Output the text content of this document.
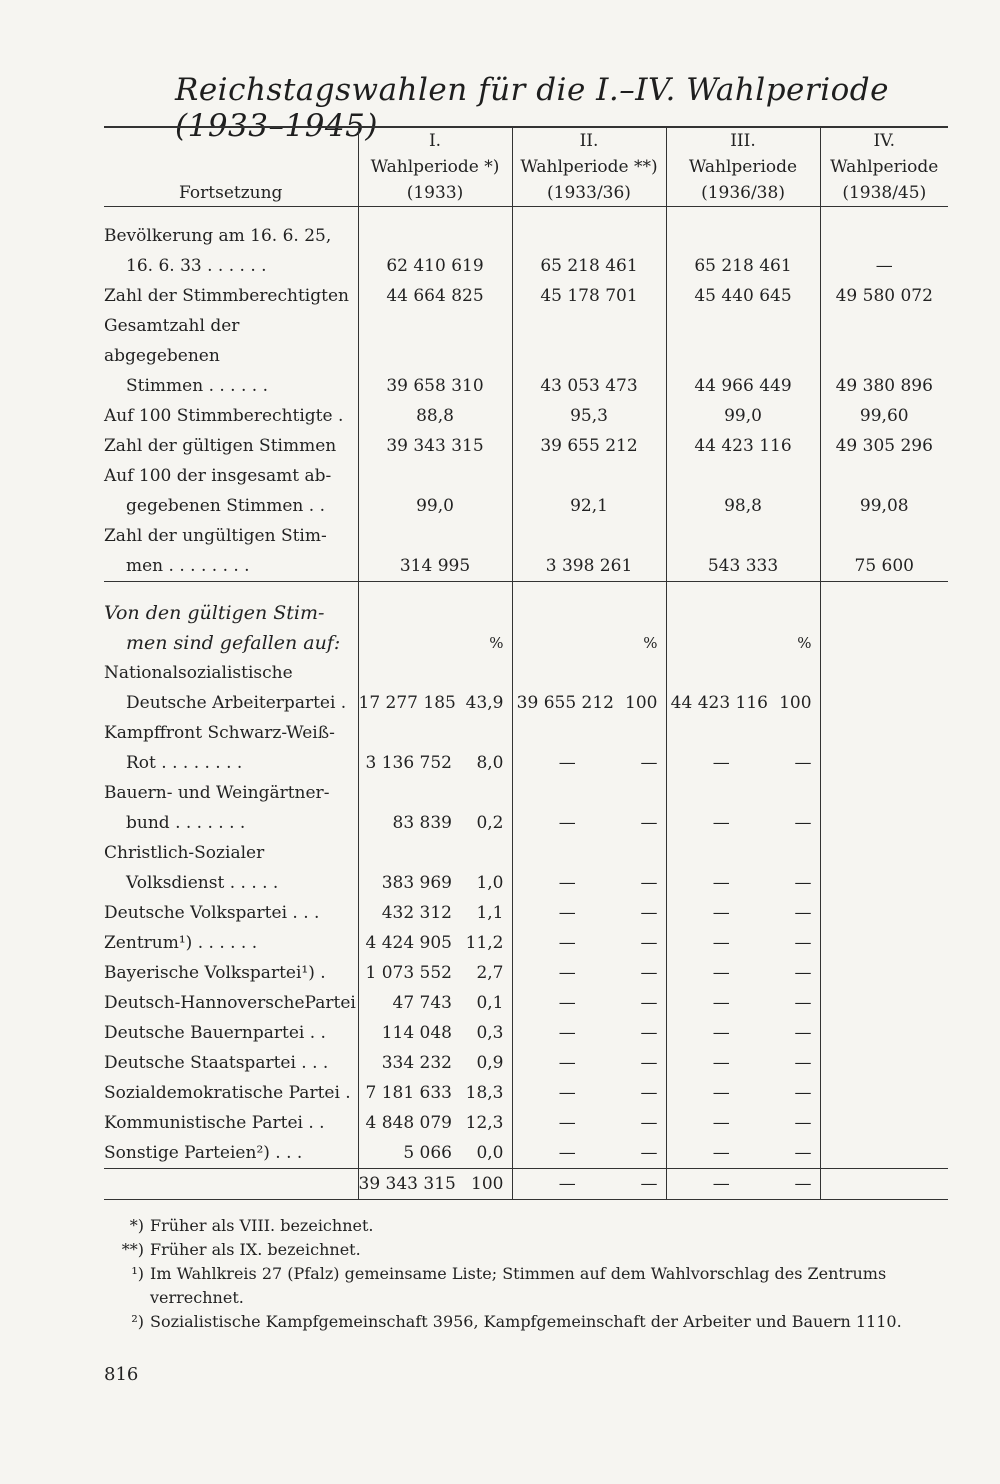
Reichstagswahlen für die I.–IV. Wahlperiode (1933–1945)
Fortsetzung	I.
Wahlperiode *)
(1933)		II.
Wahlperiode **)
(1933/36)		III.
Wahlperiode
(1936/38)		IV.
Wahlperiode
(1938/45)

Bevölkerung am 16. 6. 25,
16. 6. 33 . . . . . .	62 410 619		65 218 461		65 218 461		—

Zahl der Stimmberechtigten	44 664 825		45 178 701		45 440 645		49 580 072

Gesamtzahl der abgegebenen
Stimmen . . . . . .	39 658 310		43 053 473		44 966 449		49 380 896

Auf 100 Stimmberechtigte .	88,8		95,3		99,0		99,60

Zahl der gültigen Stimmen	39 343 315		39 655 212		44 423 116		49 305 296

Auf 100 der insgesamt ab-
gegebenen Stimmen . .	99,0		92,1		98,8		99,08

Zahl der ungültigen Stim-
men . . . . . . . .	314 995		3 398 261		543 333		75 600

Von den gültigen Stim-
men sind gefallen auf:		%		%		%	

Nationalsozialistische
Deutsche Arbeiterpartei .	17 277 185	43,9	39 655 212	100	44 423 116	100	

Kampffront Schwarz-Weiß-
Rot . . . . . . . .	3 136 752	8,0	—	—	—	—	

Bauern- und Weingärtner-
bund . . . . . . .	83 839	0,2	—	—	—	—	

Christlich-Sozialer
Volksdienst . . . . .	383 969	1,0	—	—	—	—	

Deutsche Volkspartei . . .	432 312	1,1	—	—	—	—	

Zentrum¹) . . . . . .	4 424 905	11,2	—	—	—	—	

Bayerische Volkspartei¹) .	1 073 552	2,7	—	—	—	—	

Deutsch-HannoverschePartei	47 743	0,1	—	—	—	—	

Deutsche Bauernpartei . .	114 048	0,3	—	—	—	—	

Deutsche Staatspartei . . .	334 232	0,9	—	—	—	—	

Sozialdemokratische Partei .	7 181 633	18,3	—	—	—	—	

Kommunistische Partei . .	4 848 079	12,3	—	—	—	—	

Sonstige Parteien²) . . .	5 066	0,0	—	—	—	—	
	39 343 315	100	—	—	—	—	
*) Früher als VIII. bezeichnet.
**) Früher als IX. bezeichnet.
¹) Im Wahlkreis 27 (Pfalz) gemeinsame Liste; Stimmen auf dem Wahlvorschlag des Zentrums verrechnet.
²) Sozialistische Kampfgemeinschaft 3956, Kampfgemeinschaft der Arbeiter und Bauern 1110.
816
